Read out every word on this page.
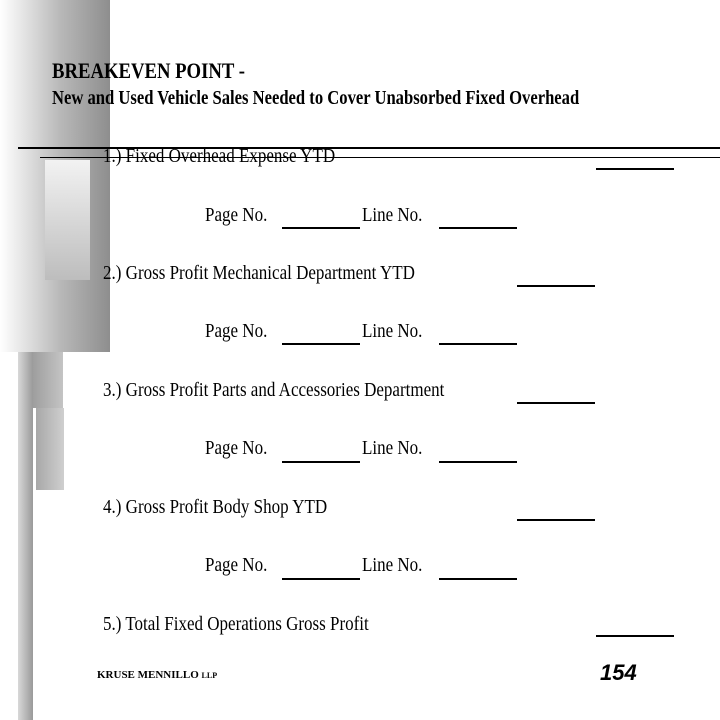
BREAKEVEN POINT -
New and Used Vehicle Sales Needed to Cover Unabsorbed Fixed Overhead
1.) Fixed Overhead Expense YTD
Page No.	Line No.
2.) Gross Profit Mechanical Department YTD
Page No.	Line No.
3.) Gross Profit Parts and Accessories Department
Page No.	Line No.
4.) Gross Profit Body Shop YTD
Page No.	Line No.
5.) Total Fixed Operations Gross Profit
KRUSE MENNILLO LLP	154
